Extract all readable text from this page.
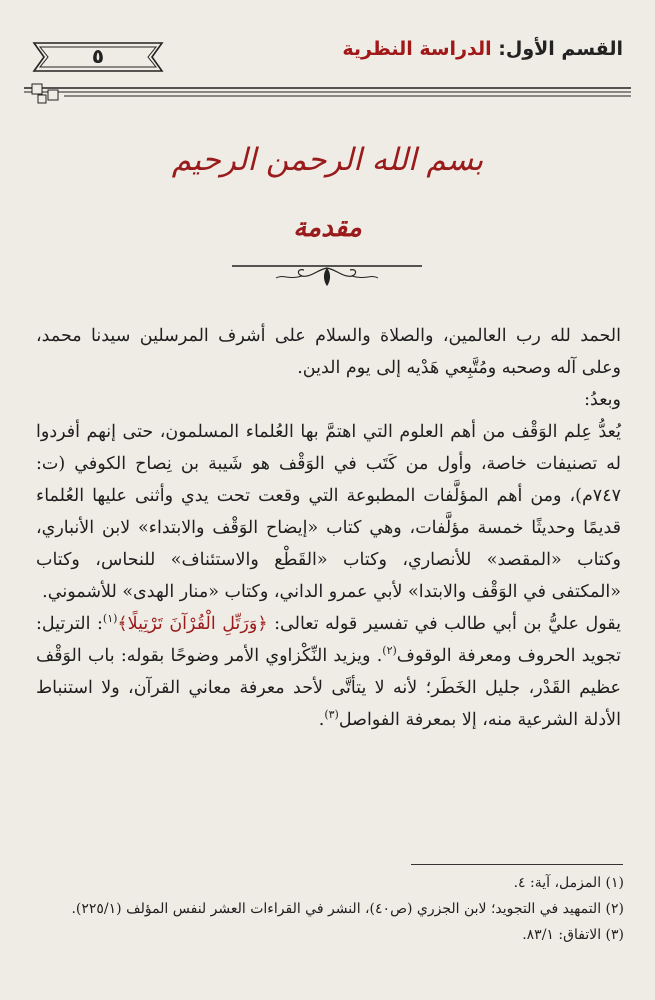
القسم الأول: الدراسة النظرية
٥
بسم الله الرحمن الرحيم
مقدمة

الحمد لله رب العالمين، والصلاة والسلام على أشرف المرسلين سيدنا محمد، وعلى آله وصحبه ومُتَّبِعي هَدْيه إلى يوم الدين.

وبعدُ:

يُعدُّ عِلم الوَقْف من أهم العلوم التي اهتمَّ بها العُلماء المسلمون، حتى إنهم أفردوا له تصنيفات خاصة، وأول من كَتَب في الوَقْف هو شَيبة بن نِصاح الكوفي (ت: ٧٤٧م)، ومن أهم المؤلَّفات المطبوعة التي وقعت تحت يدي وأثنى عليها العُلماء قديمًا وحديثًا خمسة مؤلَّفات، وهي كتاب «إيضاح الوَقْف والابتداء» لابن الأنباري، وكتاب «المقصد» للأنصاري، وكتاب «القَطْع والاستئناف» للنحاس، وكتاب «المكتفى في الوَقْف والابتدا» لأبي عمرو الداني، وكتاب «منار الهدى» للأشموني.

يقول عليُّ بن أبي طالب في تفسير قوله تعالى: ﴿وَرَتِّلِ الْقُرْآنَ تَرْتِيلًا﴾$^{(١)}$: الترتيل: تجويد الحروف ومعرفة الوقوف$^{(٢)}$. ويزيد النِّكْزاوي الأمر وضوحًا بقوله: باب الوَقْف عظيم القَدْر، جليل الخَطَر؛ لأنه لا يتأتَّى لأحد معرفة معاني القرآن، ولا استنباط الأدلة الشرعية منه، إلا بمعرفة الفواصل$^{(٣)}$.

(١) المزمل، آية: ٤.

(٢) التمهيد في التجويد؛ لابن الجزري (ص٤٠)، النشر في القراءات العشر لنفس المؤلف (٢٢٥/١).

(٣) الاتفاق: ٨٣/١.
